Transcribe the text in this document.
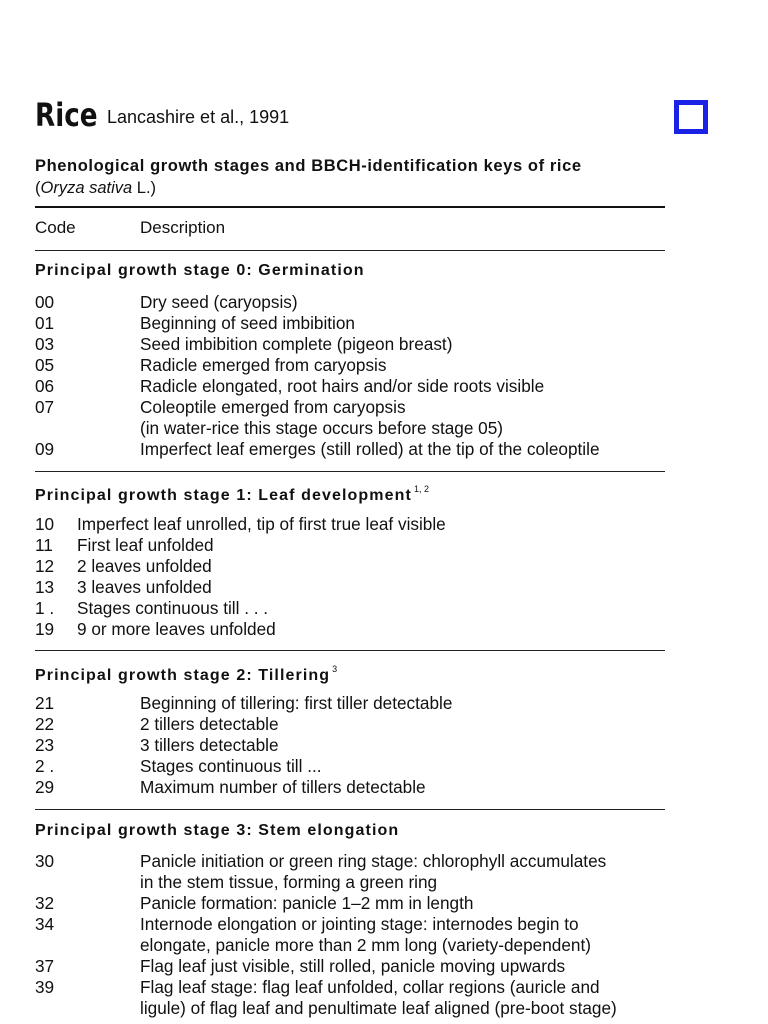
Rice Lancashire et al., 1991
Phenological growth stages and BBCH-identification keys of rice
(Oryza sativa L.)
Code	Description
Principal growth stage 0: Germination
00	Dry seed (caryopsis)
01	Beginning of seed imbibition
03	Seed imbibition complete (pigeon breast)
05	Radicle emerged from caryopsis
06	Radicle elongated, root hairs and/or side roots visible
07	Coleoptile emerged from caryopsis
(in water-rice this stage occurs before stage 05)
09	Imperfect leaf emerges (still rolled) at the tip of the coleoptile
Principal growth stage 1: Leaf development $^{1, 2}$
10	Imperfect leaf unrolled, tip of first true leaf visible
11	First leaf unfolded
12	2 leaves unfolded
13	3 leaves unfolded
1 .	Stages continuous till . . .
19	9 or more leaves unfolded
Principal growth stage 2: Tillering $^3$
21	Beginning of tillering: first tiller detectable
22	2 tillers detectable
23	3 tillers detectable
2 .	Stages continuous till ...
29	Maximum number of tillers detectable
Principal growth stage 3: Stem elongation
30	Panicle initiation or green ring stage: chlorophyll accumulates
in the stem tissue, forming a green ring
32	Panicle formation: panicle 1–2 mm in length
34	Internode elongation or jointing stage: internodes begin to
elongate, panicle more than 2 mm long (variety-dependent)
37	Flag leaf just visible, still rolled, panicle moving upwards
39	Flag leaf stage: flag leaf unfolded, collar regions (auricle and
ligule) of flag leaf and penultimate leaf aligned (pre-boot stage)
